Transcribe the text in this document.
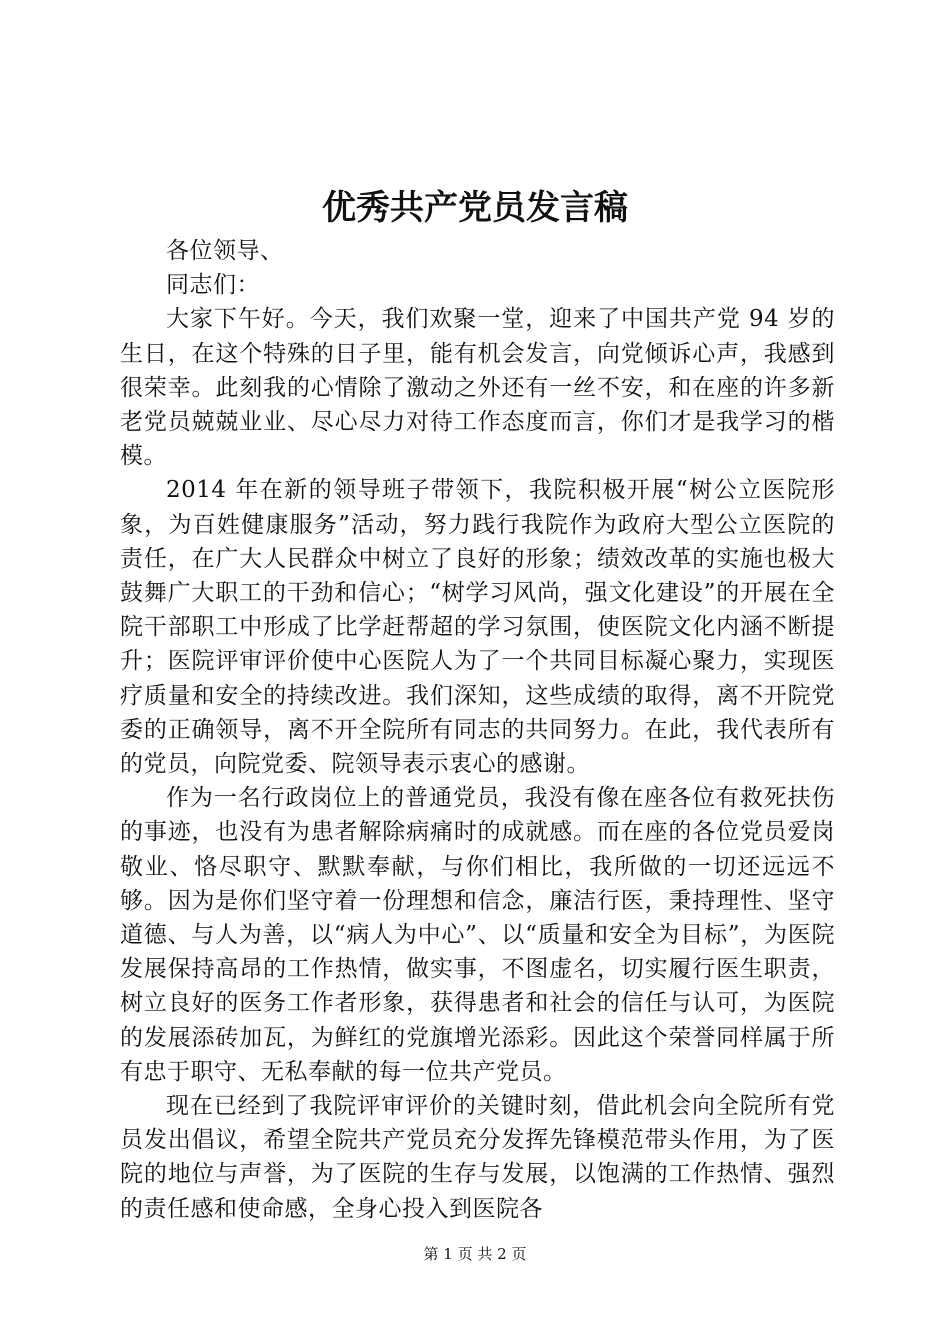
优秀共产党员发言稿

各位领导、

同志们：

大家下午好。今天，我们欢聚一堂，迎来了中国共产党 94 岁的生日，在这个特殊的日子里，能有机会发言，向党倾诉心声，我感到很荣幸。此刻我的心情除了激动之外还有一丝不安，和在座的许多新老党员兢兢业业、尽心尽力对待工作态度而言，你们才是我学习的楷模。

2014 年在新的领导班子带领下，我院积极开展“树公立医院形象，为百姓健康服务”活动，努力践行我院作为政府大型公立医院的责任，在广大人民群众中树立了良好的形象；绩效改革的实施也极大鼓舞广大职工的干劲和信心；“树学习风尚，强文化建设”的开展在全院干部职工中形成了比学赶帮超的学习氛围，使医院文化内涵不断提升；医院评审评价使中心医院人为了一个共同目标凝心聚力，实现医疗质量和安全的持续改进。我们深知，这些成绩的取得，离不开院党委的正确领导，离不开全院所有同志的共同努力。在此，我代表所有的党员，向院党委、院领导表示衷心的感谢。

作为一名行政岗位上的普通党员，我没有像在座各位有救死扶伤的事迹，也没有为患者解除病痛时的成就感。而在座的各位党员爱岗敬业、恪尽职守、默默奉献，与你们相比，我所做的一切还远远不够。因为是你们坚守着一份理想和信念，廉洁行医，秉持理性、坚守道德、与人为善，以“病人为中心”、以“质量和安全为目标”，为医院发展保持高昂的工作热情，做实事，不图虚名，切实履行医生职责，树立良好的医务工作者形象，获得患者和社会的信任与认可，为医院的发展添砖加瓦，为鲜红的党旗增光添彩。因此这个荣誉同样属于所有忠于职守、无私奉献的每一位共产党员。

现在已经到了我院评审评价的关键时刻，借此机会向全院所有党员发出倡议，希望全院共产党员充分发挥先锋模范带头作用，为了医院的地位与声誉，为了医院的生存与发展，以饱满的工作热情、强烈的责任感和使命感，全身心投入到医院各

第 1 页 共 2 页
